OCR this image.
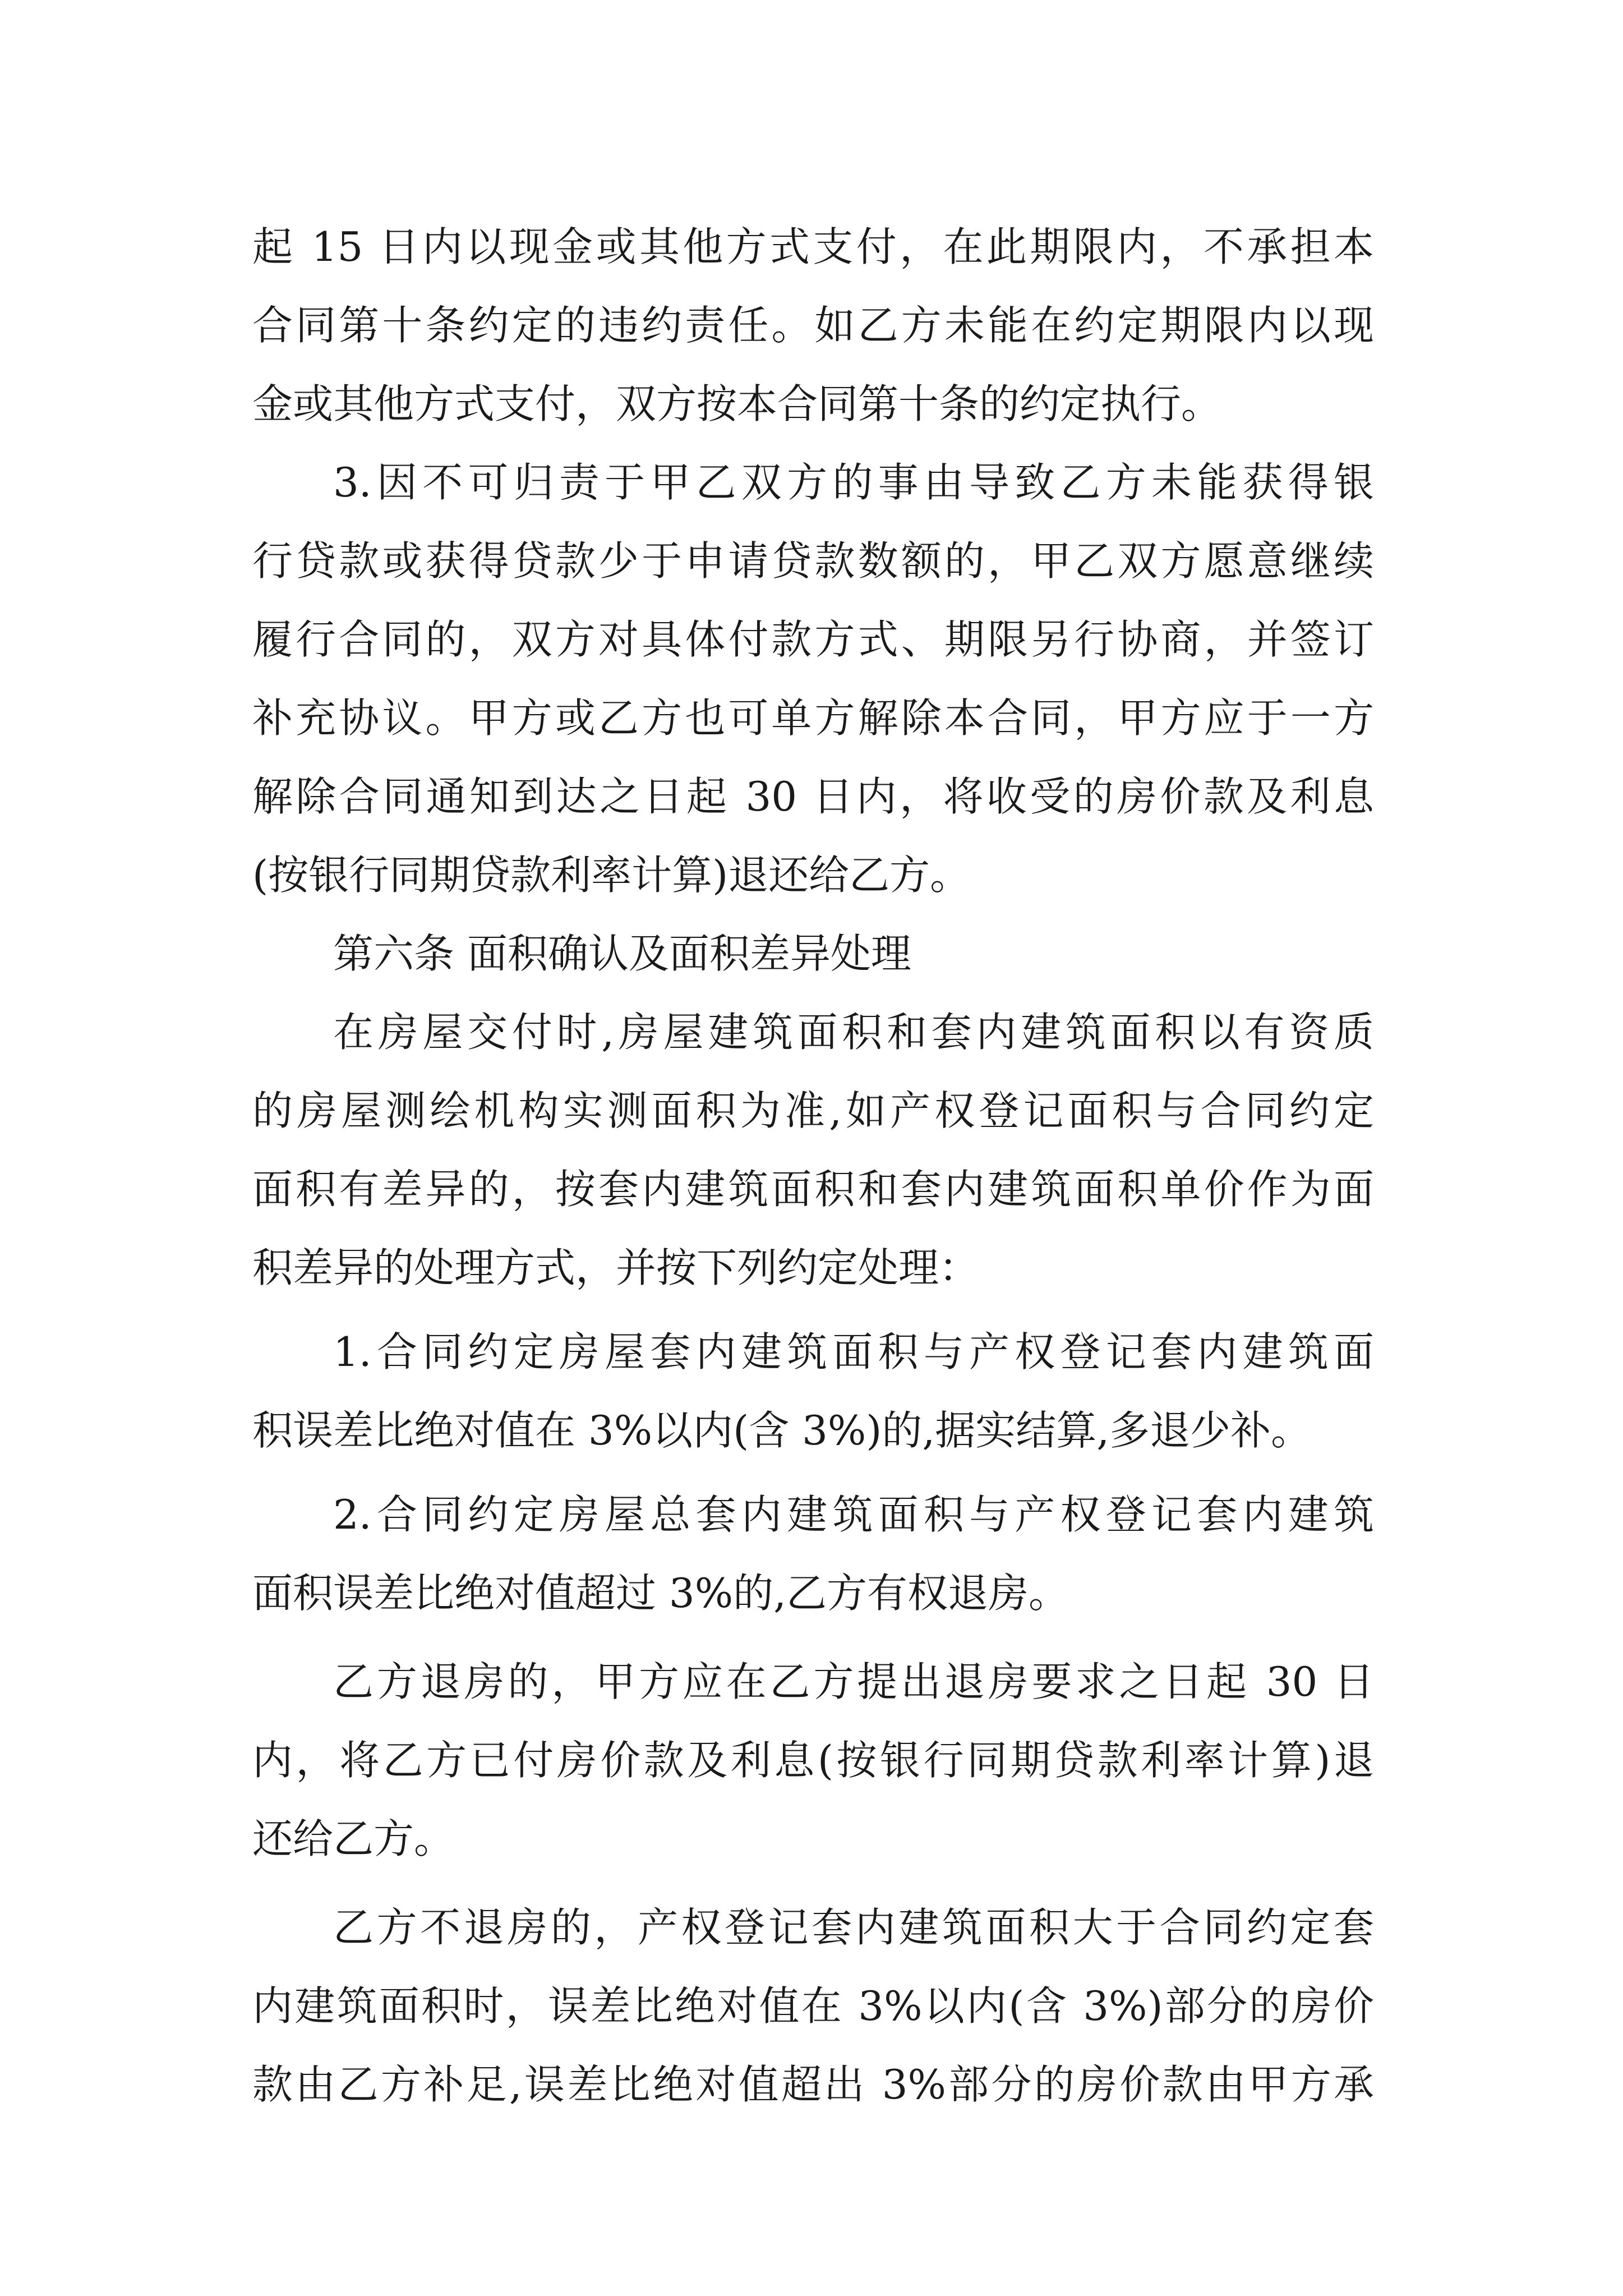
起 15 日内以现金或其他方式支付，在此期限内，不承担本
合同第十条约定的违约责任。如乙方未能在约定期限内以现
金或其他方式支付，双方按本合同第十条的约定执行。
3.因不可归责于甲乙双方的事由导致乙方未能获得银
行贷款或获得贷款少于申请贷款数额的，甲乙双方愿意继续
履行合同的，双方对具体付款方式、期限另行协商，并签订
补充协议。甲方或乙方也可单方解除本合同，甲方应于一方
解除合同通知到达之日起 30 日内，将收受的房价款及利息
(按银行同期贷款利率计算)退还给乙方。
第六条 面积确认及面积差异处理
在房屋交付时,房屋建筑面积和套内建筑面积以有资质
的房屋测绘机构实测面积为准,如产权登记面积与合同约定
面积有差异的，按套内建筑面积和套内建筑面积单价作为面
积差异的处理方式，并按下列约定处理：
1.合同约定房屋套内建筑面积与产权登记套内建筑面
积误差比绝对值在 3%以内(含 3%)的,据实结算,多退少补。
2.合同约定房屋总套内建筑面积与产权登记套内建筑
面积误差比绝对值超过 3%的,乙方有权退房。
乙方退房的，甲方应在乙方提出退房要求之日起 30 日
内，将乙方已付房价款及利息(按银行同期贷款利率计算)退
还给乙方。
乙方不退房的，产权登记套内建筑面积大于合同约定套
内建筑面积时，误差比绝对值在 3%以内(含 3%)部分的房价
款由乙方补足,误差比绝对值超出 3%部分的房价款由甲方承
